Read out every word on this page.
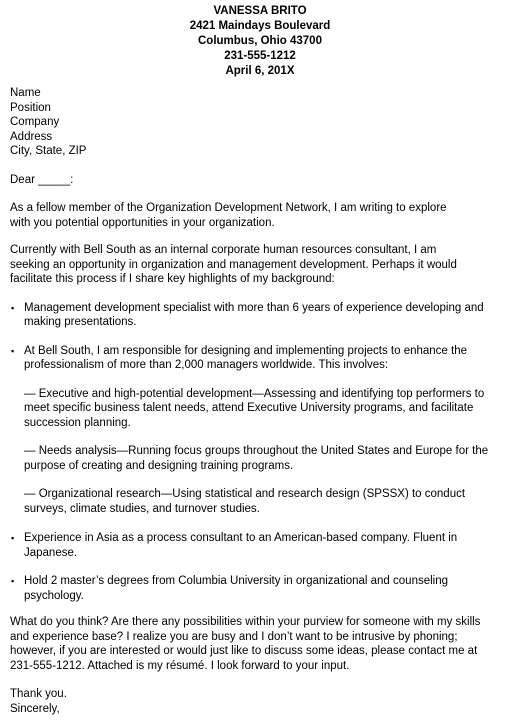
VANESSA BRITO
2421 Maindays Boulevard
Columbus, Ohio 43700
231-555-1212
April 6, 201X
Name
Position
Company
Address
City, State, ZIP

Dear _____:

As a fellow member of the Organization Development Network, I am writing to explore
with you potential opportunities in your organization.

Currently with Bell South as an internal corporate human resources consultant, I am
seeking an opportunity in organization and management development. Perhaps it would
facilitate this process if I share key highlights of my background:

▪ Management development specialist with more than 6 years of experience developing and
making presentations.
▪ At Bell South, I am responsible for designing and implementing projects to enhance the
professionalism of more than 2,000 managers worldwide. This involves:
— Executive and high-potential development—Assessing and identifying top performers to
meet specific business talent needs, attend Executive University programs, and facilitate
succession planning.
— Needs analysis—Running focus groups throughout the United States and Europe for the
purpose of creating and designing training programs.
— Organizational research—Using statistical and research design (SPSSX) to conduct
surveys, climate studies, and turnover studies.
▪ Experience in Asia as a process consultant to an American-based company. Fluent in
Japanese.
▪ Hold 2 master’s degrees from Columbia University in organizational and counseling
psychology.

What do you think? Are there any possibilities within your purview for someone with my skills
and experience base? I realize you are busy and I don’t want to be intrusive by phoning;
however, if you are interested or would just like to discuss some ideas, please contact me at
231-555-1212. Attached is my résumé. I look forward to your input.

Thank you.
Sincerely,
